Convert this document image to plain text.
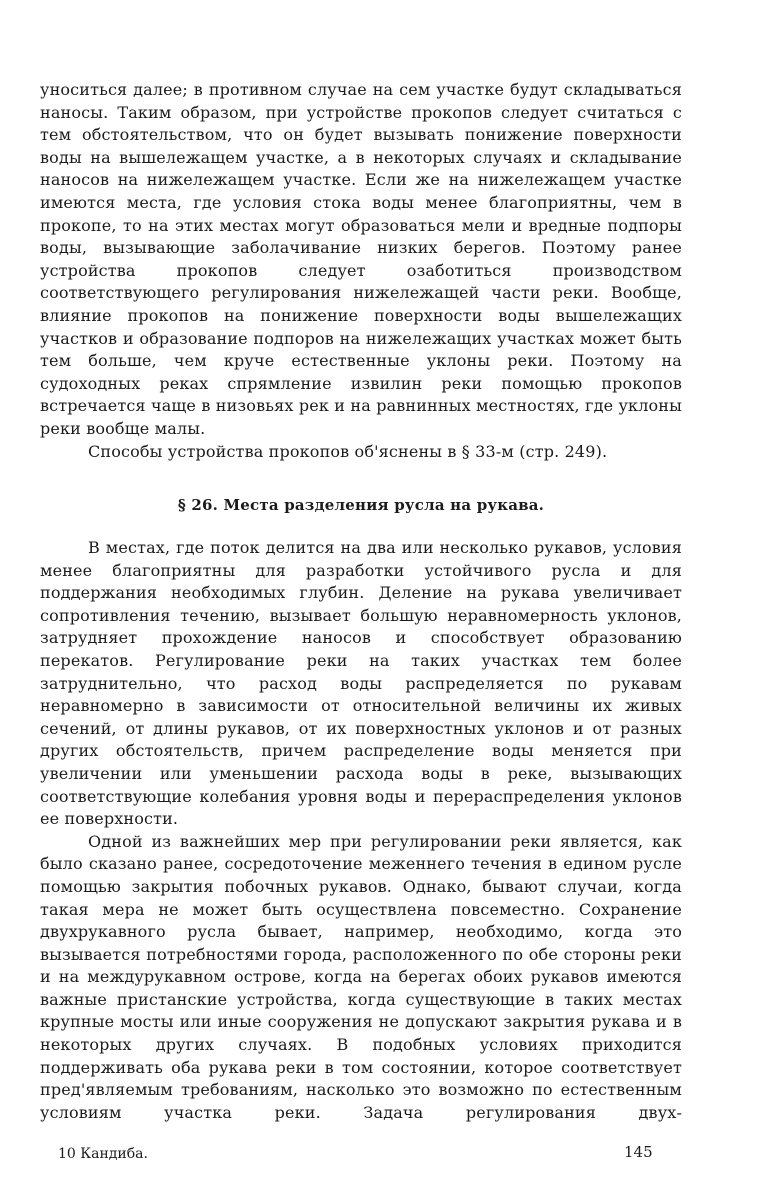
уноситься далее; в противном случае на сем участке будут складываться наносы. Таким образом, при устройстве прокопов следует считаться с тем обстоятельством, что он будет вызывать понижение поверхности воды на вышележащем участке, а в некоторых случаях и складывание наносов на нижележащем участке. Если же на нижележащем участке имеются места, где условия стока воды менее благоприятны, чем в прокопе, то на этих местах могут образоваться мели и вредные подпоры воды, вызывающие заболачивание низких берегов. Поэтому ранее устройства прокопов следует озаботиться производством соответствующего регулирования нижележащей части реки. Вообще, влияние прокопов на понижение поверхности воды вышележащих участков и образование подпоров на нижележащих участках может быть тем больше, чем круче естественные уклоны реки. Поэтому на судоходных реках спрямление извилин реки помощью прокопов встречается чаще в низовьях рек и на равнинных местностях, где уклоны реки вообще малы.

Способы устройства прокопов об'яснены в § 33-м (стр. 249).

§ 26. Места разделения русла на рукава.

В местах, где поток делится на два или несколько рукавов, условия менее благоприятны для разработки устойчивого русла и для поддержания необходимых глубин. Деление на рукава увеличивает сопротивления течению, вызывает большую неравномерность уклонов, затрудняет прохождение наносов и способствует образованию перекатов. Регулирование реки на таких участках тем более затруднительно, что расход воды распределяется по рукавам неравномерно в зависимости от относительной величины их живых сечений, от длины рукавов, от их поверхностных уклонов и от разных других обстоятельств, причем распределение воды меняется при увеличении или уменьшении расхода воды в реке, вызывающих соответствующие колебания уровня воды и перераспределения уклонов ее поверхности.

Одной из важнейших мер при регулировании реки является, как было сказано ранее, сосредоточение меженнего течения в едином русле помощью закрытия побочных рукавов. Однако, бывают случаи, когда такая мера не может быть осуществлена повсеместно. Сохранение двухрукавного русла бывает, например, необходимо, когда это вызывается потребностями города, расположенного по обе стороны реки и на междурукавном острове, когда на берегах обоих рукавов имеются важные пристанские устройства, когда существующие в таких местах крупные мосты или иные сооружения не допускают закрытия рукава и в некоторых других случаях. В подобных условиях приходится поддерживать оба рукава реки в том состоянии, которое соответствует пред'являемым требованиям, насколько это возможно по естественным условиям участка реки. Задача регулирования двух-

10 Кандиба.	145
